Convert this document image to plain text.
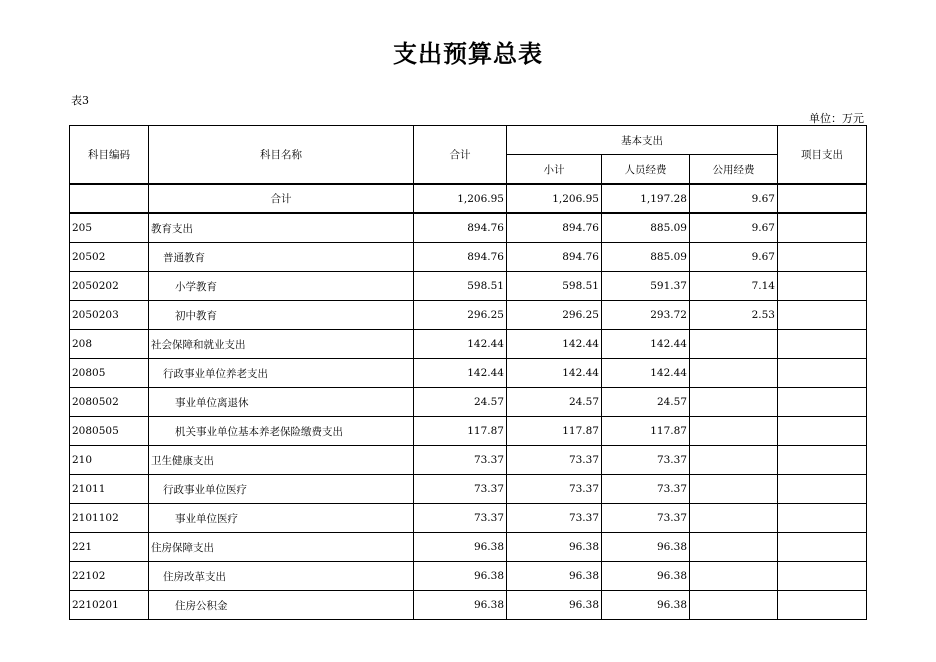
支出预算总表
表3
单位：万元
科目编码	科目名称	合计	基本支出			项目支出
			小计	人员经费	公用经费	
	合计	1,206.95	1,206.95	1,197.28	9.67	
205	教育支出	894.76	894.76	885.09	9.67	
20502	普通教育	894.76	894.76	885.09	9.67	
2050202	小学教育	598.51	598.51	591.37	7.14	
2050203	初中教育	296.25	296.25	293.72	2.53	
208	社会保障和就业支出	142.44	142.44	142.44		
20805	行政事业单位养老支出	142.44	142.44	142.44		
2080502	事业单位离退休	24.57	24.57	24.57		
2080505	机关事业单位基本养老保险缴费支出	117.87	117.87	117.87		
210	卫生健康支出	73.37	73.37	73.37		
21011	行政事业单位医疗	73.37	73.37	73.37		
2101102	事业单位医疗	73.37	73.37	73.37		
221	住房保障支出	96.38	96.38	96.38		
22102	住房改革支出	96.38	96.38	96.38		
2210201	住房公积金	96.38	96.38	96.38		
